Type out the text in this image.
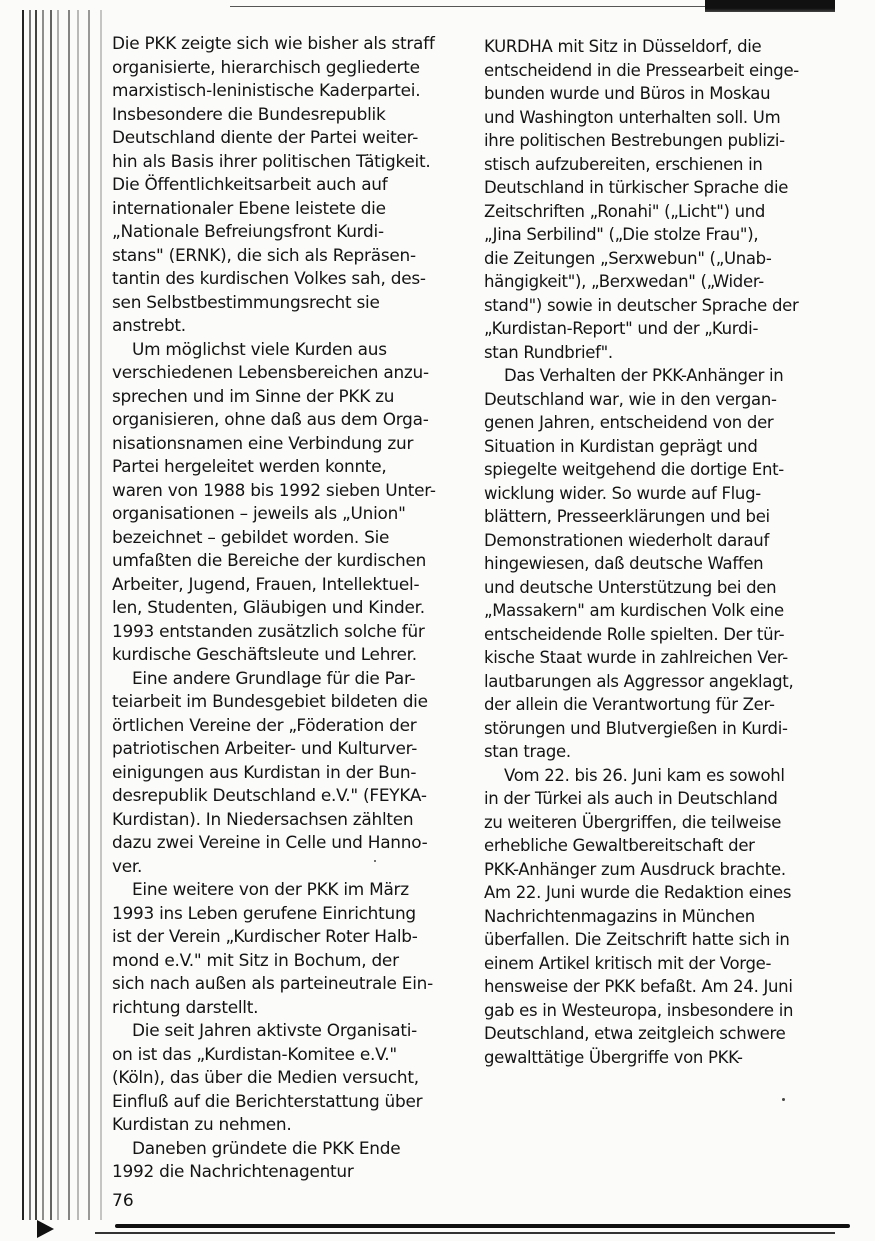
Die PKK zeigte sich wie bisher als straff
organisierte, hierarchisch gegliederte
marxistisch-leninistische Kaderpartei.
Insbesondere die Bundesrepublik
Deutschland diente der Partei weiter-
hin als Basis ihrer politischen Tätigkeit.
Die Öffentlichkeitsarbeit auch auf
internationaler Ebene leistete die
„Nationale Befreiungsfront Kurdi-
stans" (ERNK), die sich als Repräsen-
tantin des kurdischen Volkes sah, des-
sen Selbstbestimmungsrecht sie
anstrebt.
Um möglichst viele Kurden aus
verschiedenen Lebensbereichen anzu-
sprechen und im Sinne der PKK zu
organisieren, ohne daß aus dem Orga-
nisationsnamen eine Verbindung zur
Partei hergeleitet werden konnte,
waren von 1988 bis 1992 sieben Unter-
organisationen – jeweils als „Union"
bezeichnet – gebildet worden. Sie
umfaßten die Bereiche der kurdischen
Arbeiter, Jugend, Frauen, Intellektuel-
len, Studenten, Gläubigen und Kinder.
1993 entstanden zusätzlich solche für
kurdische Geschäftsleute und Lehrer.
Eine andere Grundlage für die Par-
teiarbeit im Bundesgebiet bildeten die
örtlichen Vereine der „Föderation der
patriotischen Arbeiter- und Kulturver-
einigungen aus Kurdistan in der Bun-
desrepublik Deutschland e.V." (FEYKA-
Kurdistan). In Niedersachsen zählten
dazu zwei Vereine in Celle und Hanno-
ver.
Eine weitere von der PKK im März
1993 ins Leben gerufene Einrichtung
ist der Verein „Kurdischer Roter Halb-
mond e.V." mit Sitz in Bochum, der
sich nach außen als parteineutrale Ein-
richtung darstellt.
Die seit Jahren aktivste Organisati-
on ist das „Kurdistan-Komitee e.V."
(Köln), das über die Medien versucht,
Einfluß auf die Berichterstattung über
Kurdistan zu nehmen.
Daneben gründete die PKK Ende
1992 die Nachrichtenagentur
KURDHA mit Sitz in Düsseldorf, die
entscheidend in die Pressearbeit einge-
bunden wurde und Büros in Moskau
und Washington unterhalten soll. Um
ihre politischen Bestrebungen publizi-
stisch aufzubereiten, erschienen in
Deutschland in türkischer Sprache die
Zeitschriften „Ronahi" („Licht") und
„Jina Serbilind" („Die stolze Frau"),
die Zeitungen „Serxwebun" („Unab-
hängigkeit"), „Berxwedan" („Wider-
stand") sowie in deutscher Sprache der
„Kurdistan-Report" und der „Kurdi-
stan Rundbrief".
Das Verhalten der PKK-Anhänger in
Deutschland war, wie in den vergan-
genen Jahren, entscheidend von der
Situation in Kurdistan geprägt und
spiegelte weitgehend die dortige Ent-
wicklung wider. So wurde auf Flug-
blättern, Presseerklärungen und bei
Demonstrationen wiederholt darauf
hingewiesen, daß deutsche Waffen
und deutsche Unterstützung bei den
„Massakern" am kurdischen Volk eine
entscheidende Rolle spielten. Der tür-
kische Staat wurde in zahlreichen Ver-
lautbarungen als Aggressor angeklagt,
der allein die Verantwortung für Zer-
störungen und Blutvergießen in Kurdi-
stan trage.
Vom 22. bis 26. Juni kam es sowohl
in der Türkei als auch in Deutschland
zu weiteren Übergriffen, die teilweise
erhebliche Gewaltbereitschaft der
PKK-Anhänger zum Ausdruck brachte.
Am 22. Juni wurde die Redaktion eines
Nachrichtenmagazins in München
überfallen. Die Zeitschrift hatte sich in
einem Artikel kritisch mit der Vorge-
hensweise der PKK befaßt. Am 24. Juni
gab es in Westeuropa, insbesondere in
Deutschland, etwa zeitgleich schwere
gewalttätige Übergriffe von PKK-
76
